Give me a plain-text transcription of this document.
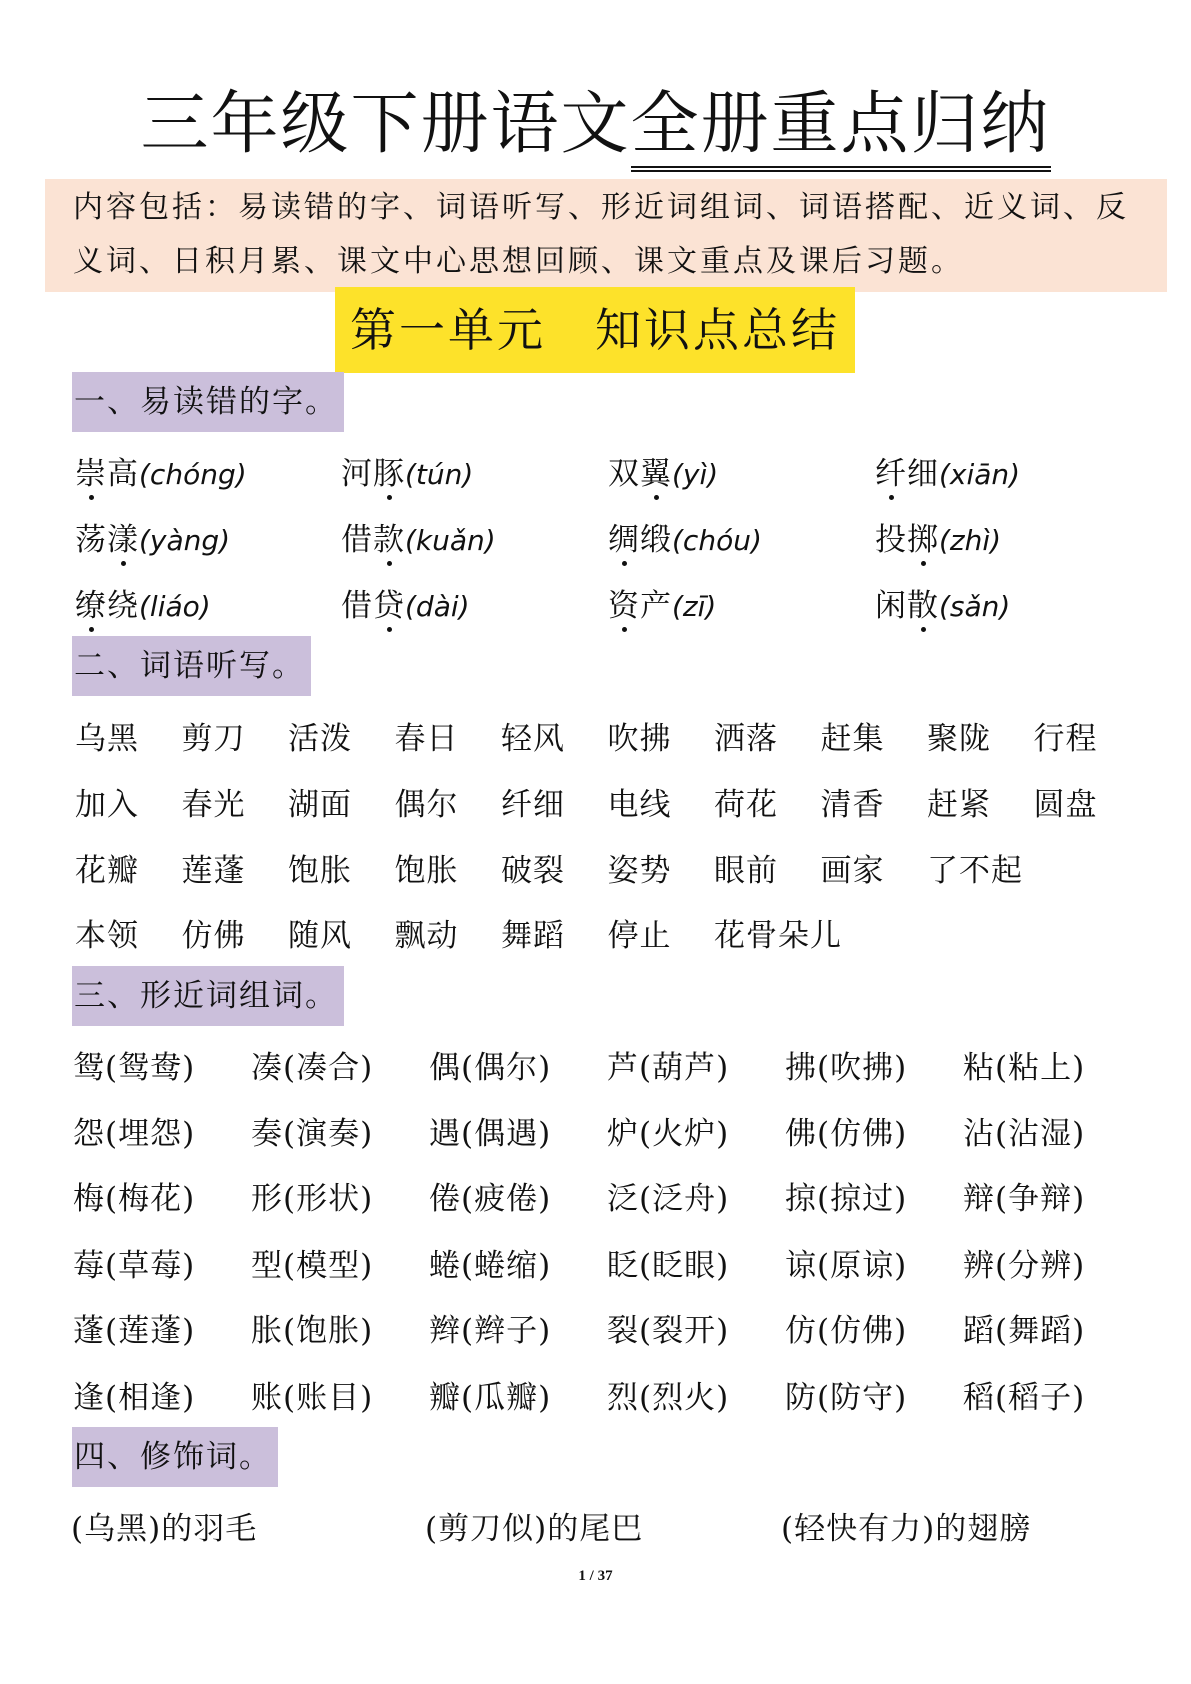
三年级下册语文全册重点归纳
内容包括：易读错的字、词语听写、形近词组词、词语搭配、近义词、反义词、日积月累、课文中心思想回顾、课文重点及课后习题。
第一单元　知识点总结
一、易读错的字。
崇高(chóng)	河豚(tún)	双翼(yì)	纤细(xiān)
荡漾(yàng)	借款(kuǎn)	绸缎(chóu)	投掷(zhì)
缭绕(liáo)	借贷(dài)	资产(zī)	闲散(sǎn)
二、词语听写。
乌黑 剪刀 活泼 春日 轻风 吹拂 洒落 赶集 聚陇 行程
加入 春光 湖面 偶尔 纤细 电线 荷花 清香 赶紧 圆盘
花瓣 莲蓬 饱胀 饱胀 破裂 姿势 眼前 画家 了不起
本领 仿佛 随风 飘动 舞蹈 停止 花骨朵儿
三、形近词组词。
鸳(鸳鸯) 凑(凑合) 偶(偶尔) 芦(葫芦) 拂(吹拂) 粘(粘上)
怨(埋怨) 奏(演奏) 遇(偶遇) 炉(火炉) 佛(仿佛) 沾(沾湿)
梅(梅花) 形(形状) 倦(疲倦) 泛(泛舟) 掠(掠过) 辩(争辩)
莓(草莓) 型(模型) 蜷(蜷缩) 眨(眨眼) 谅(原谅) 辨(分辨)
蓬(莲蓬) 胀(饱胀) 辫(辫子) 裂(裂开) 仿(仿佛) 蹈(舞蹈)
逢(相逢) 账(账目) 瓣(瓜瓣) 烈(烈火) 防(防守) 稻(稻子)
四、修饰词。
(乌黑)的羽毛	(剪刀似)的尾巴	(轻快有力)的翅膀
1 / 37
